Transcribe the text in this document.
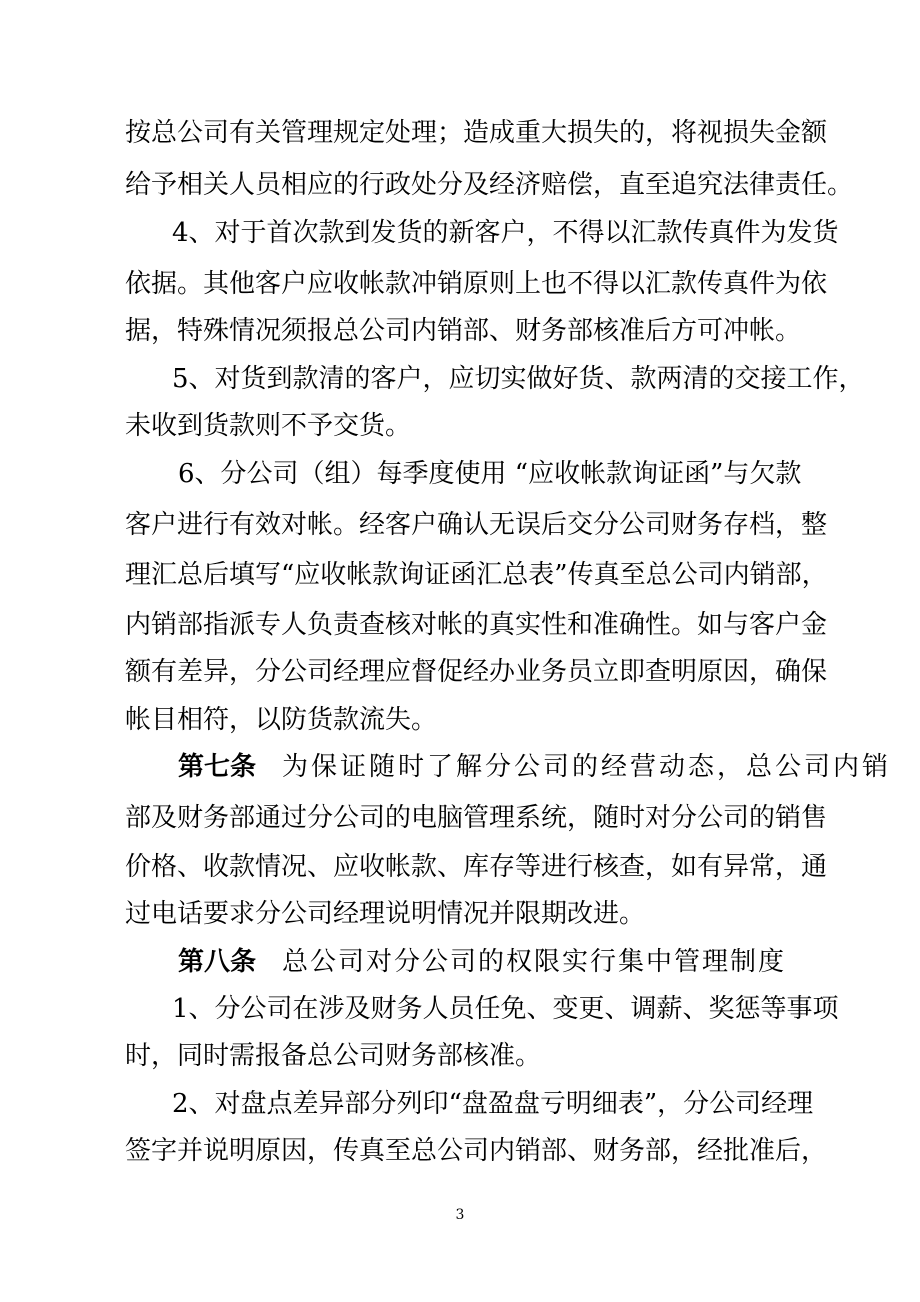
按总公司有关管理规定处理；造成重大损失的，将视损失金额
给予相关人员相应的行政处分及经济赔偿，直至追究法律责任。
4、对于首次款到发货的新客户，不得以汇款传真件为发货
依据。其他客户应收帐款冲销原则上也不得以汇款传真件为依
据，特殊情况须报总公司内销部、财务部核准后方可冲帐。
5、对货到款清的客户，应切实做好货、款两清的交接工作，
未收到货款则不予交货。
6、分公司（组）每季度使用 “应收帐款询证函”与欠款
客户进行有效对帐。经客户确认无误后交分公司财务存档，整
理汇总后填写“应收帐款询证函汇总表”传真至总公司内销部，
内销部指派专人负责查核对帐的真实性和准确性。如与客户金
额有差异，分公司经理应督促经办业务员立即查明原因，确保
帐目相符，以防货款流失。
第七条 为保证随时了解分公司的经营动态，总公司内销
部及财务部通过分公司的电脑管理系统，随时对分公司的销售
价格、收款情况、应收帐款、库存等进行核查，如有异常，通
过电话要求分公司经理说明情况并限期改进。
第八条 总公司对分公司的权限实行集中管理制度
1、分公司在涉及财务人员任免、变更、调薪、奖惩等事项
时，同时需报备总公司财务部核准。
2、对盘点差异部分列印“盘盈盘亏明细表”，分公司经理
签字并说明原因，传真至总公司内销部、财务部，经批准后，
3
